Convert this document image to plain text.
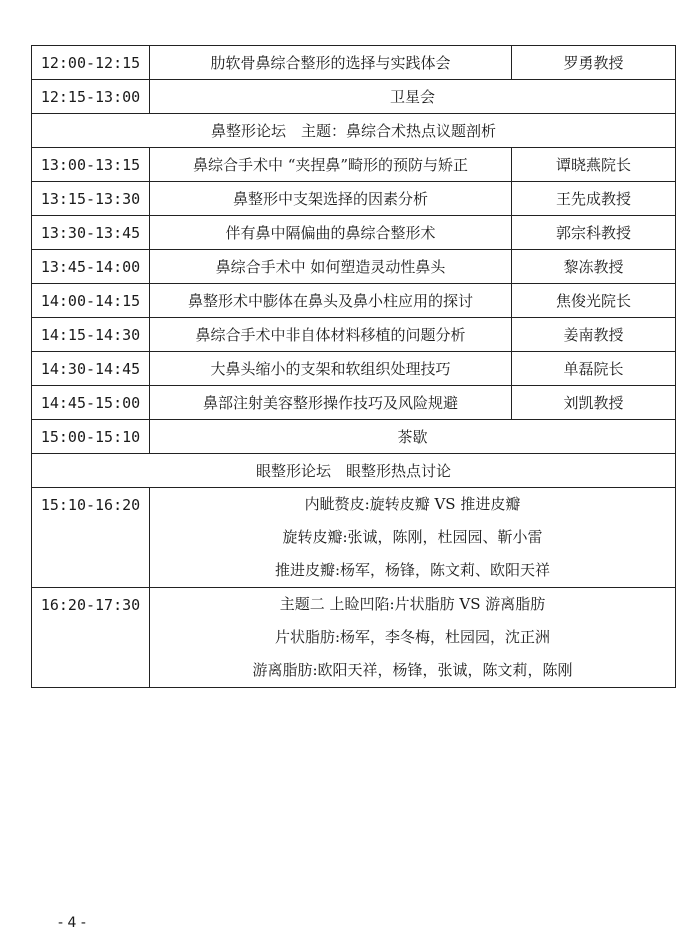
12:00-12:15	肋软骨鼻综合整形的选择与实践体会	罗勇教授
12:15-13:00	卫星会	
鼻整形论坛　主题：鼻综合术热点议题剖析		
13:00-13:15	鼻综合手术中 “夹捏鼻”畸形的预防与矫正	谭晓燕院长
13:15-13:30	鼻整形中支架选择的因素分析	王先成教授
13:30-13:45	伴有鼻中隔偏曲的鼻综合整形术	郭宗科教授
13:45-14:00	鼻综合手术中 如何塑造灵动性鼻头	黎冻教授
14:00-14:15	鼻整形术中膨体在鼻头及鼻小柱应用的探讨	焦俊光院长
14:15-14:30	鼻综合手术中非自体材料移植的问题分析	姜南教授
14:30-14:45	大鼻头缩小的支架和软组织处理技巧	单磊院长
14:45-15:00	鼻部注射美容整形操作技巧及风险规避	刘凯教授
15:00-15:10	茶歇	
眼整形论坛　眼整形热点讨论		
15:10-16:20	内眦赘皮:旋转皮瓣 VS 推进皮瓣
旋转皮瓣:张诚，陈刚，杜园园、靳小雷
推进皮瓣:杨军，杨锋，陈文莉、欧阳天祥	

16:20-17:30	主题二 上睑凹陷:片状脂肪 VS 游离脂肪
片状脂肪:杨军，李冬梅，杜园园，沈正洲
游离脂肪:欧阳天祥，杨锋，张诚，陈文莉，陈刚	
- 4 -
